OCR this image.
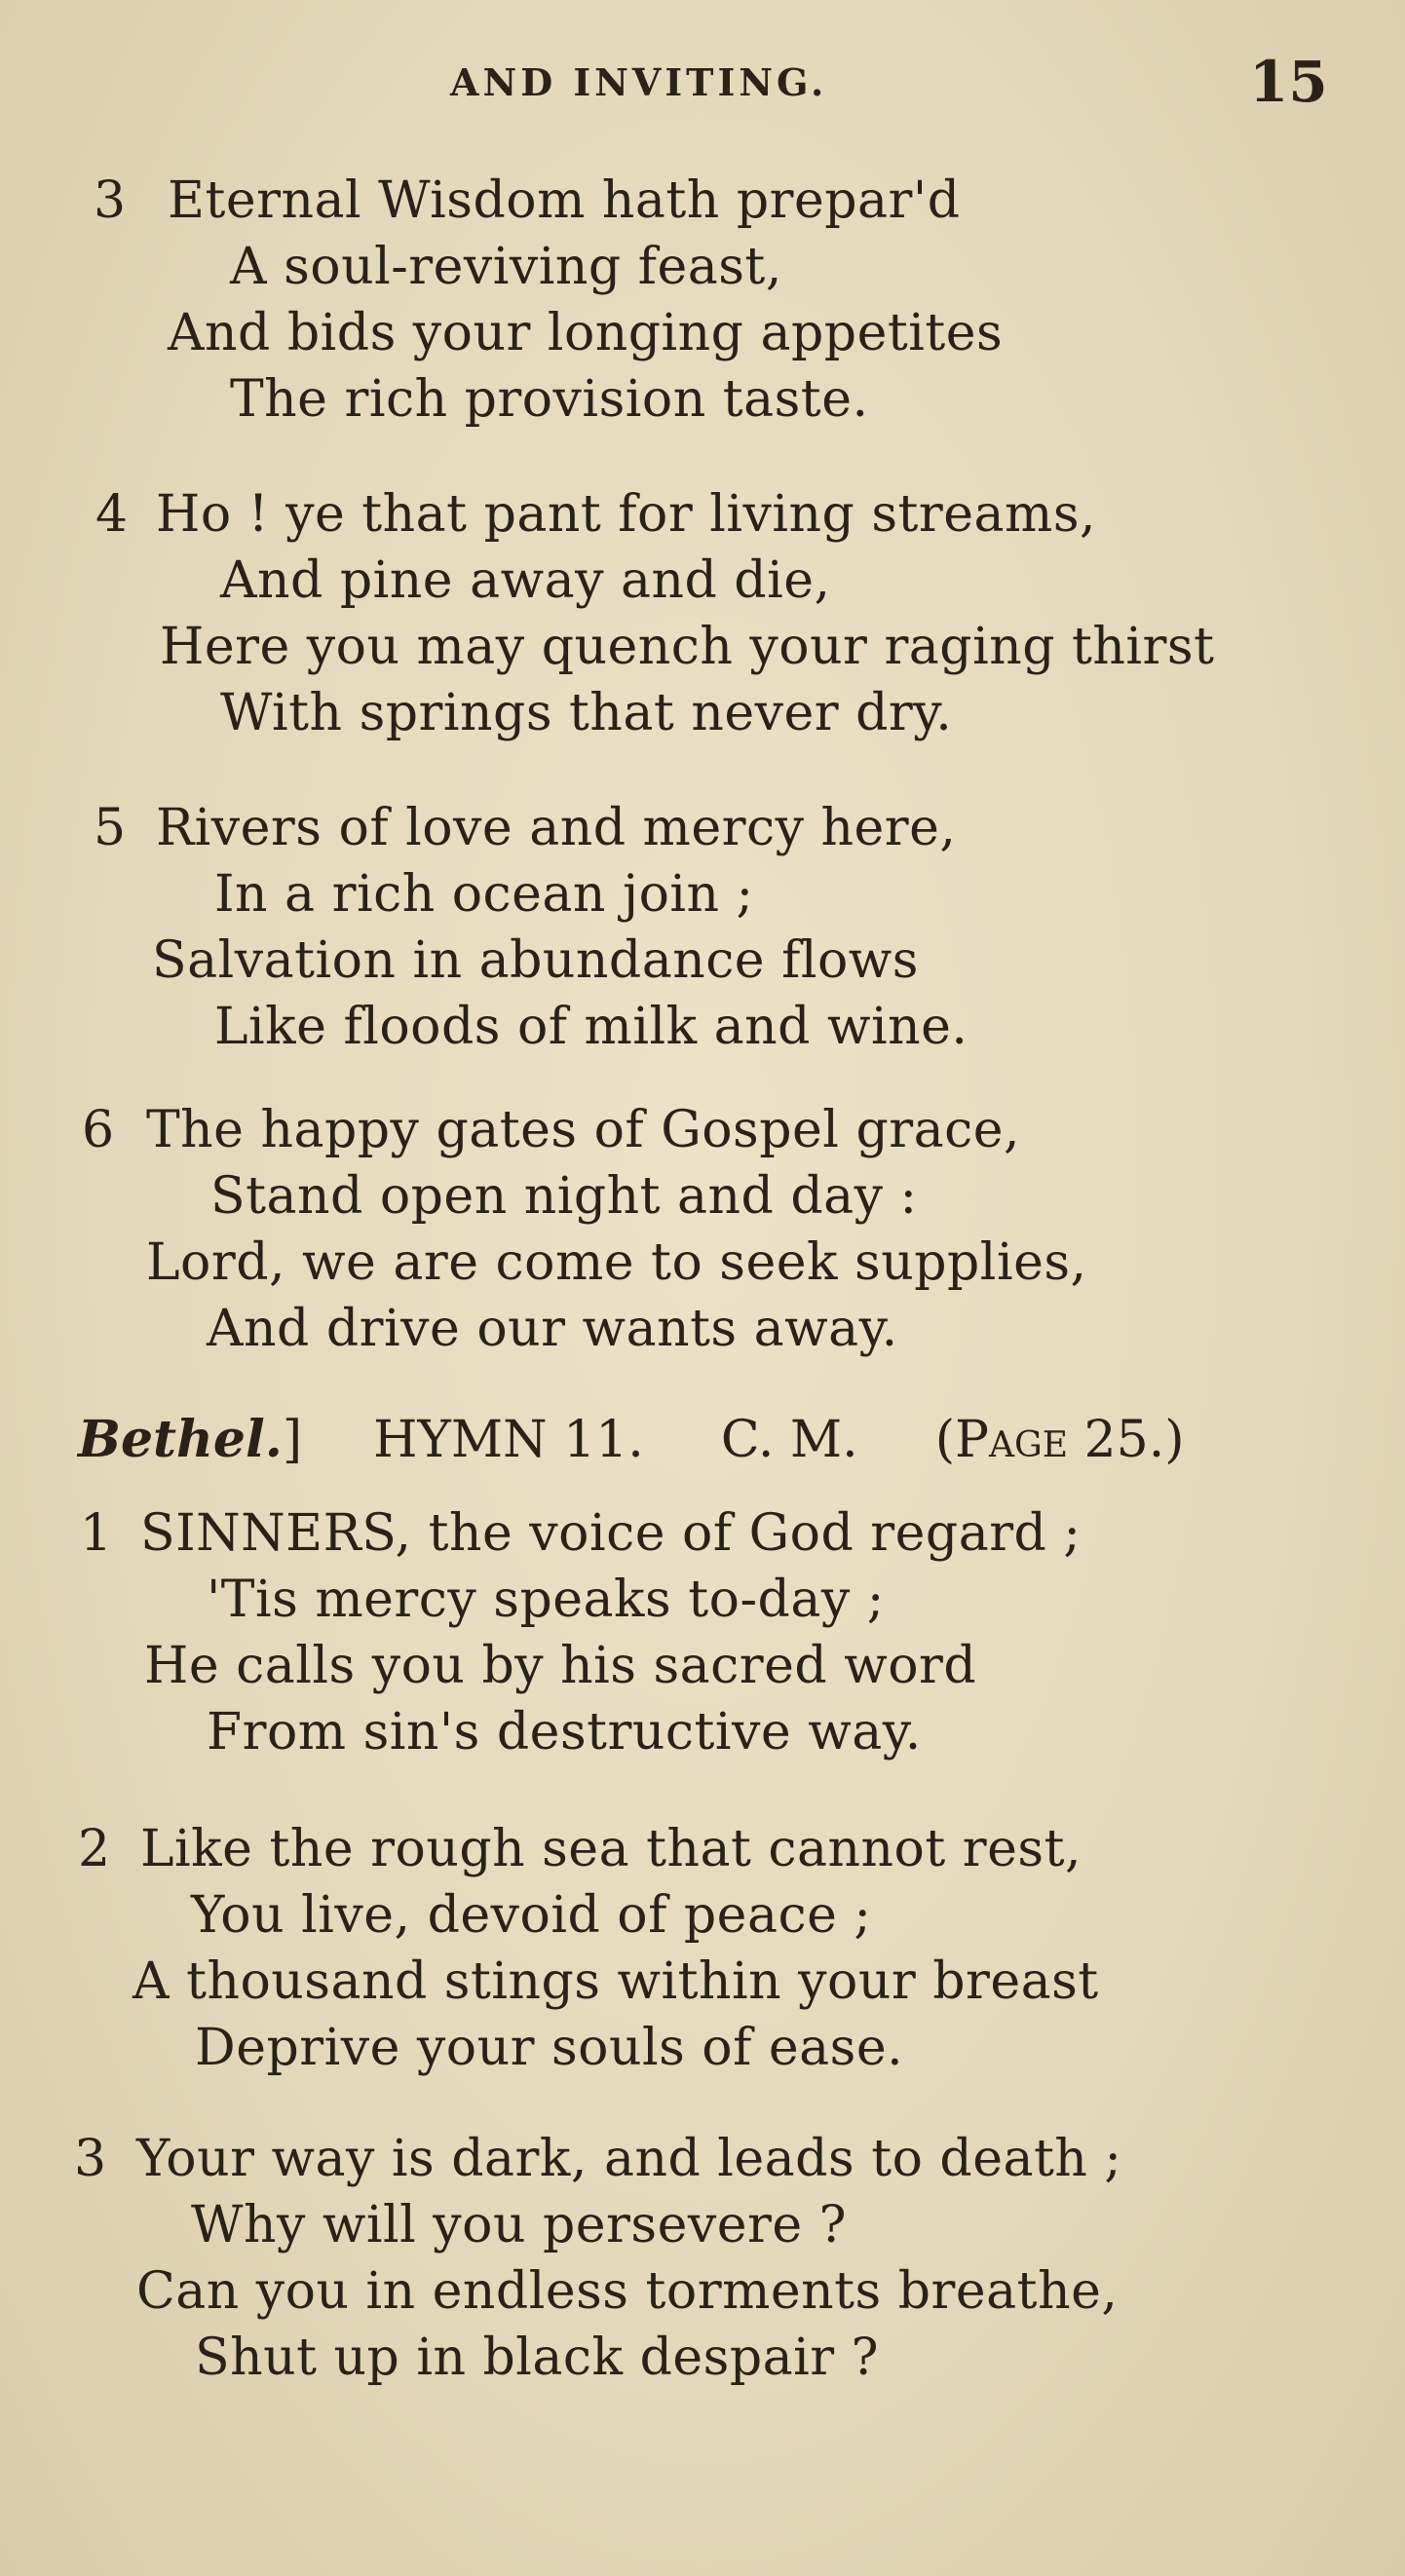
AND INVITING.	15
3 Eternal Wisdom hath prepar'd
A soul-reviving feast,
And bids your longing appetites
The rich provision taste.
4 Ho ! ye that pant for living streams,
And pine away and die,
Here you may quench your raging thirst
With springs that never dry.
5 Rivers of love and mercy here,
In a rich ocean join ;
Salvation in abundance flows
Like floods of milk and wine.
6 The happy gates of Gospel grace,
Stand open night and day :
Lord, we are come to seek supplies,
And drive our wants away.
Bethel.] HYMN 11. C. M. (Page 25.)
1 SINNERS, the voice of God regard ;
'Tis mercy speaks to-day ;
He calls you by his sacred word
From sin's destructive way.
2 Like the rough sea that cannot rest,
You live, devoid of peace ;
A thousand stings within your breast
Deprive your souls of ease.
3 Your way is dark, and leads to death ;
Why will you persevere ?
Can you in endless torments breathe,
Shut up in black despair ?
